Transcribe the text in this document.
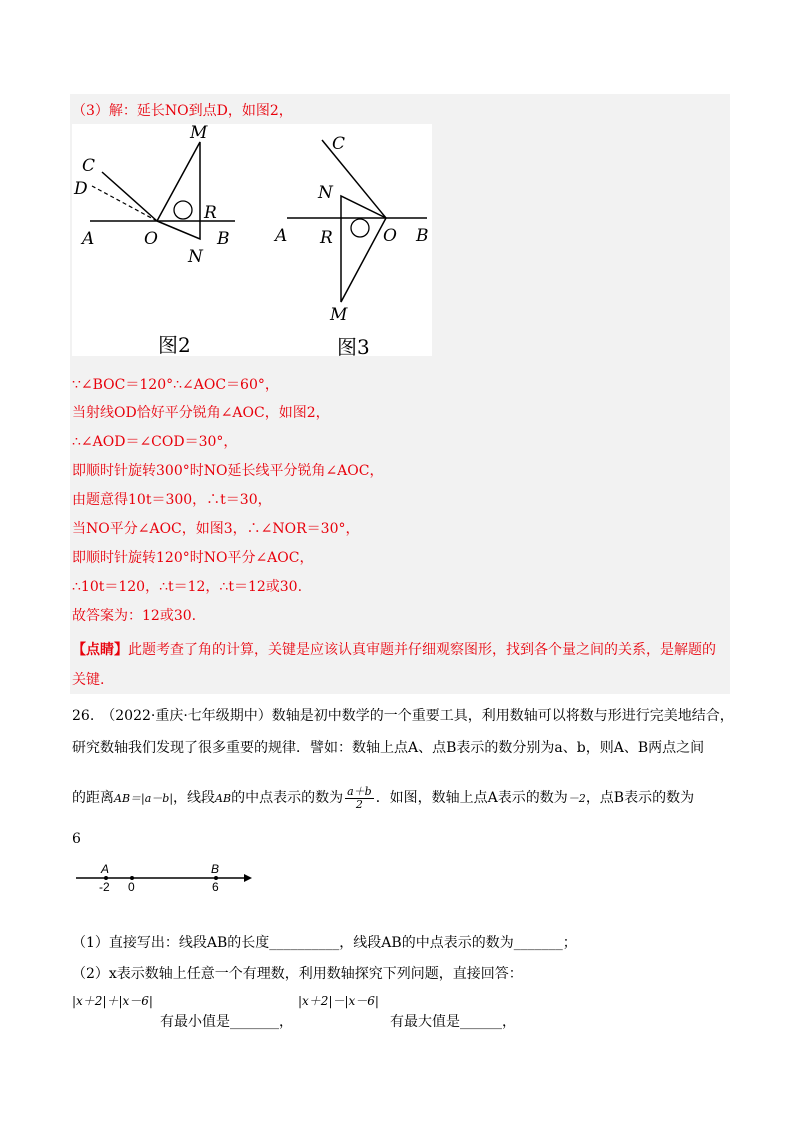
（3）解：延长NO到点D，如图2，
M
C
D
R
A	O	B
N
图2
C
N
A R	O B
M
图3
∵∠BOC＝120°∴∠AOC＝60°，
当射线OD恰好平分锐角∠AOC，如图2，
∴∠AOD＝∠COD＝30°，
即顺时针旋转300°时NO延长线平分锐角∠AOC，
由题意得10t＝300，∴t＝30，
当NO平分∠AOC，如图3，∴∠NOR＝30°，
即顺时针旋转120°时NO平分∠AOC，
∴10t＝120，∴t＝12，∴t＝12或30.
故答案为：12或30.
【点睛】此题考查了角的计算，关键是应该认真审题并仔细观察图形，找到各个量之间的关系，是解题的
关键.
26.　（2022·重庆·七年级期中）数轴是初中数学的一个重要工具，利用数轴可以将数与形进行完美地结合，
研究数轴我们发现了很多重要的规律．譬如：数轴上点A、点B表示的数分别为a、b，则A、B两点之间
的距离AB＝|a－b|，线段AB的中点表示的数为 $\frac{a+b}{2}$ ．如图，数轴上点A表示的数为－2，点B表示的数为
6
A	B
-2 0	6
（1）直接写出：线段AB的长度__________，线段AB的中点表示的数为_______；
（2）x表示数轴上任意一个有理数，利用数轴探究下列问题，直接回答：
|x＋2|＋|x－6|
有最小值是_______，
|x＋2|－|x－6|
有最大值是______，
